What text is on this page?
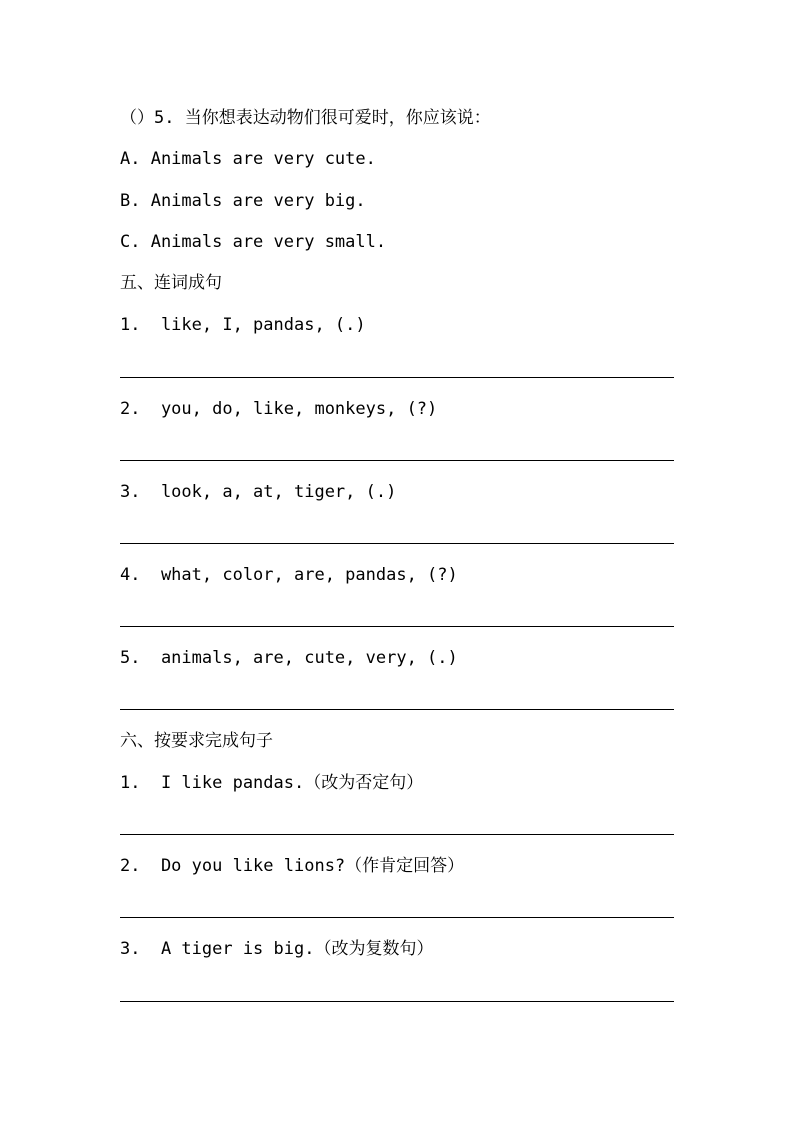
（）5. 当你想表达动物们很可爱时，你应该说：
A. Animals are very cute.
B. Animals are very big.
C. Animals are very small.
五、连词成句
1.  like, I, pandas, (.)
2.  you, do, like, monkeys, (?)
3.  look, a, at, tiger, (.)
4.  what, color, are, pandas, (?)
5.  animals, are, cute, very, (.)
六、按要求完成句子
1.  I like pandas.（改为否定句）
2.  Do you like lions?（作肯定回答）
3.  A tiger is big.（改为复数句）
